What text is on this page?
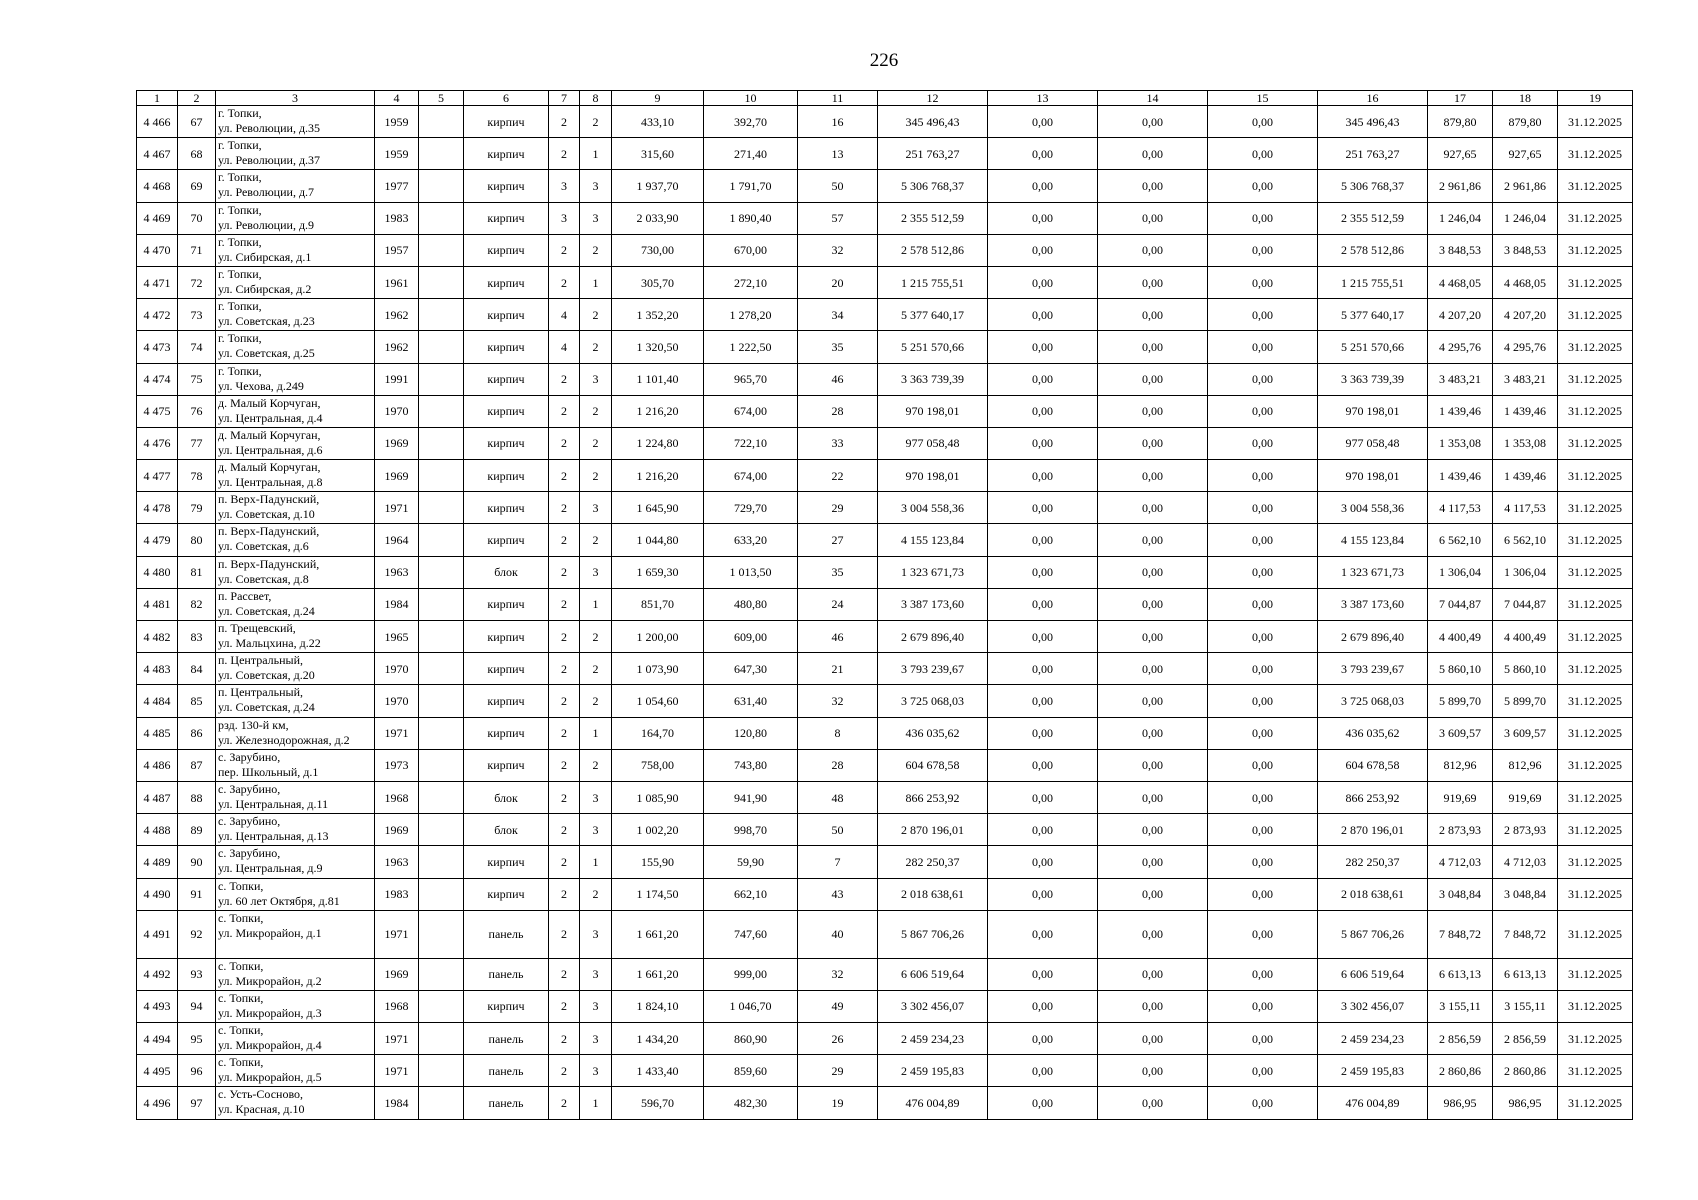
226
1	2	3	4	5	6	7	8	9	10	11	12	13	14	15	16	17	18	19
4 466	67	г. Топки,
ул. Революции, д.35	1959		кирпич	2	2	433,10	392,70	16	345 496,43	0,00	0,00	0,00	345 496,43	879,80	879,80	31.12.2025
4 467	68	г. Топки,
ул. Революции, д.37	1959		кирпич	2	1	315,60	271,40	13	251 763,27	0,00	0,00	0,00	251 763,27	927,65	927,65	31.12.2025
4 468	69	г. Топки,
ул. Революции, д.7	1977		кирпич	3	3	1 937,70	1 791,70	50	5 306 768,37	0,00	0,00	0,00	5 306 768,37	2 961,86	2 961,86	31.12.2025
4 469	70	г. Топки,
ул. Революции, д.9	1983		кирпич	3	3	2 033,90	1 890,40	57	2 355 512,59	0,00	0,00	0,00	2 355 512,59	1 246,04	1 246,04	31.12.2025
4 470	71	г. Топки,
ул. Сибирская, д.1	1957		кирпич	2	2	730,00	670,00	32	2 578 512,86	0,00	0,00	0,00	2 578 512,86	3 848,53	3 848,53	31.12.2025
4 471	72	г. Топки,
ул. Сибирская, д.2	1961		кирпич	2	1	305,70	272,10	20	1 215 755,51	0,00	0,00	0,00	1 215 755,51	4 468,05	4 468,05	31.12.2025
4 472	73	г. Топки,
ул. Советская, д.23	1962		кирпич	4	2	1 352,20	1 278,20	34	5 377 640,17	0,00	0,00	0,00	5 377 640,17	4 207,20	4 207,20	31.12.2025
4 473	74	г. Топки,
ул. Советская, д.25	1962		кирпич	4	2	1 320,50	1 222,50	35	5 251 570,66	0,00	0,00	0,00	5 251 570,66	4 295,76	4 295,76	31.12.2025
4 474	75	г. Топки,
ул. Чехова, д.249	1991		кирпич	2	3	1 101,40	965,70	46	3 363 739,39	0,00	0,00	0,00	3 363 739,39	3 483,21	3 483,21	31.12.2025
4 475	76	д. Малый Корчуган,
ул. Центральная, д.4	1970		кирпич	2	2	1 216,20	674,00	28	970 198,01	0,00	0,00	0,00	970 198,01	1 439,46	1 439,46	31.12.2025
4 476	77	д. Малый Корчуган,
ул. Центральная, д.6	1969		кирпич	2	2	1 224,80	722,10	33	977 058,48	0,00	0,00	0,00	977 058,48	1 353,08	1 353,08	31.12.2025
4 477	78	д. Малый Корчуган,
ул. Центральная, д.8	1969		кирпич	2	2	1 216,20	674,00	22	970 198,01	0,00	0,00	0,00	970 198,01	1 439,46	1 439,46	31.12.2025
4 478	79	п. Верх-Падунский,
ул. Советская, д.10	1971		кирпич	2	3	1 645,90	729,70	29	3 004 558,36	0,00	0,00	0,00	3 004 558,36	4 117,53	4 117,53	31.12.2025
4 479	80	п. Верх-Падунский,
ул. Советская, д.6	1964		кирпич	2	2	1 044,80	633,20	27	4 155 123,84	0,00	0,00	0,00	4 155 123,84	6 562,10	6 562,10	31.12.2025
4 480	81	п. Верх-Падунский,
ул. Советская, д.8	1963		блок	2	3	1 659,30	1 013,50	35	1 323 671,73	0,00	0,00	0,00	1 323 671,73	1 306,04	1 306,04	31.12.2025
4 481	82	п. Рассвет,
ул. Советская, д.24	1984		кирпич	2	1	851,70	480,80	24	3 387 173,60	0,00	0,00	0,00	3 387 173,60	7 044,87	7 044,87	31.12.2025
4 482	83	п. Трещевский,
ул. Мальцхина, д.22	1965		кирпич	2	2	1 200,00	609,00	46	2 679 896,40	0,00	0,00	0,00	2 679 896,40	4 400,49	4 400,49	31.12.2025
4 483	84	п. Центральный,
ул. Советская, д.20	1970		кирпич	2	2	1 073,90	647,30	21	3 793 239,67	0,00	0,00	0,00	3 793 239,67	5 860,10	5 860,10	31.12.2025
4 484	85	п. Центральный,
ул. Советская, д.24	1970		кирпич	2	2	1 054,60	631,40	32	3 725 068,03	0,00	0,00	0,00	3 725 068,03	5 899,70	5 899,70	31.12.2025
4 485	86	рзд. 130-й км,
ул. Железнодорожная, д.2	1971		кирпич	2	1	164,70	120,80	8	436 035,62	0,00	0,00	0,00	436 035,62	3 609,57	3 609,57	31.12.2025
4 486	87	с. Зарубино,
пер. Школьный, д.1	1973		кирпич	2	2	758,00	743,80	28	604 678,58	0,00	0,00	0,00	604 678,58	812,96	812,96	31.12.2025
4 487	88	с. Зарубино,
ул. Центральная, д.11	1968		блок	2	3	1 085,90	941,90	48	866 253,92	0,00	0,00	0,00	866 253,92	919,69	919,69	31.12.2025
4 488	89	с. Зарубино,
ул. Центральная, д.13	1969		блок	2	3	1 002,20	998,70	50	2 870 196,01	0,00	0,00	0,00	2 870 196,01	2 873,93	2 873,93	31.12.2025
4 489	90	с. Зарубино,
ул. Центральная, д.9	1963		кирпич	2	1	155,90	59,90	7	282 250,37	0,00	0,00	0,00	282 250,37	4 712,03	4 712,03	31.12.2025
4 490	91	с. Топки,
ул. 60 лет Октября, д.81	1983		кирпич	2	2	1 174,50	662,10	43	2 018 638,61	0,00	0,00	0,00	2 018 638,61	3 048,84	3 048,84	31.12.2025
4 491	92	с. Топки,
ул. Микрорайон, д.1	1971		панель	2	3	1 661,20	747,60	40	5 867 706,26	0,00	0,00	0,00	5 867 706,26	7 848,72	7 848,72	31.12.2025
4 492	93	с. Топки,
ул. Микрорайон, д.2	1969		панель	2	3	1 661,20	999,00	32	6 606 519,64	0,00	0,00	0,00	6 606 519,64	6 613,13	6 613,13	31.12.2025
4 493	94	с. Топки,
ул. Микрорайон, д.3	1968		кирпич	2	3	1 824,10	1 046,70	49	3 302 456,07	0,00	0,00	0,00	3 302 456,07	3 155,11	3 155,11	31.12.2025
4 494	95	с. Топки,
ул. Микрорайон, д.4	1971		панель	2	3	1 434,20	860,90	26	2 459 234,23	0,00	0,00	0,00	2 459 234,23	2 856,59	2 856,59	31.12.2025
4 495	96	с. Топки,
ул. Микрорайон, д.5	1971		панель	2	3	1 433,40	859,60	29	2 459 195,83	0,00	0,00	0,00	2 459 195,83	2 860,86	2 860,86	31.12.2025
4 496	97	с. Усть-Сосново,
ул. Красная, д.10	1984		панель	2	1	596,70	482,30	19	476 004,89	0,00	0,00	0,00	476 004,89	986,95	986,95	31.12.2025
